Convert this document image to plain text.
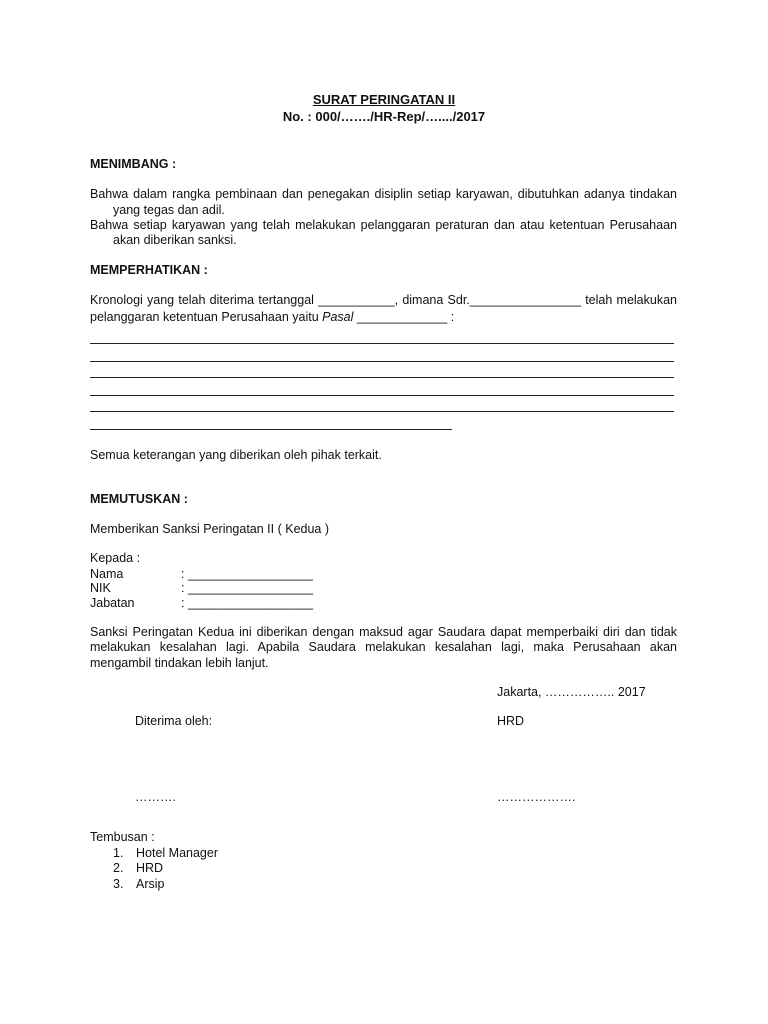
SURAT PERINGATAN II
No. : 000/……./HR-Rep/…..../2017
MENIMBANG :
Bahwa dalam rangka pembinaan dan penegakan disiplin setiap karyawan, dibutuhkan adanya tindakan
yang tegas dan adil.
Bahwa setiap karyawan yang telah melakukan pelanggaran peraturan dan atau ketentuan Perusahaan
akan diberikan sanksi.
MEMPERHATIKAN :
Kronologi yang telah diterima tertanggal ___________, dimana Sdr.________________ telah melakukan
pelanggaran ketentuan Perusahaan yaitu Pasal _____________ :
Semua keterangan yang diberikan oleh pihak terkait.
MEMUTUSKAN :
Memberikan Sanksi Peringatan II ( Kedua )
Kepada :
Nama	: __________________
NIK	: __________________
Jabatan	: __________________
Sanksi Peringatan Kedua ini diberikan dengan maksud agar Saudara dapat memperbaiki diri dan tidak
melakukan kesalahan lagi. Apabila Saudara melakukan kesalahan lagi, maka Perusahaan akan
mengambil tindakan lebih lanjut.
Jakarta, …………….. 2017
Diterima oleh:	HRD
……….	……………….
Tembusan :
1. Hotel Manager
2. HRD
3. Arsip
